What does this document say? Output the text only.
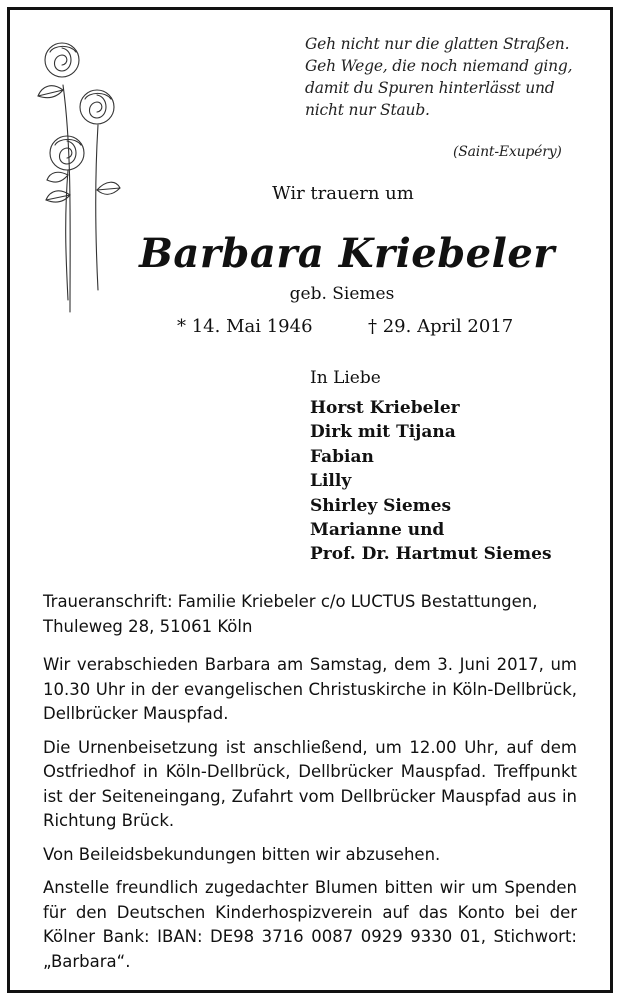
Geh nicht nur die glatten Straßen.
Geh Wege, die noch niemand ging,
damit du Spuren hinterlässt und
nicht nur Staub.
(Saint-Exupéry)
Wir trauern um
Barbara Kriebeler
geb. Siemes
* 14. Mai 1946	† 29. April 2017
In Liebe
Horst Kriebeler
Dirk mit Tijana
Fabian
Lilly
Shirley Siemes
Marianne und
Prof. Dr. Hartmut Siemes

Traueranschrift: Familie Kriebeler c/o LUCTUS Bestattungen, Thuleweg 28, 51061 Köln

Wir verabschieden Barbara am Samstag, dem 3. Juni 2017, um 10.30 Uhr in der evangelischen Christuskirche in Köln-Dellbrück, Dellbrücker Mauspfad.

Die Urnenbeisetzung ist anschließend, um 12.00 Uhr, auf dem Ostfriedhof in Köln-Dellbrück, Dellbrücker Mauspfad. Treffpunkt ist der Seiteneingang, Zufahrt vom Dellbrücker Mauspfad aus in Richtung Brück.

Von Beileidsbekundungen bitten wir abzusehen.

Anstelle freundlich zugedachter Blumen bitten wir um Spenden für den Deutschen Kinderhospizverein auf das Konto bei der Kölner Bank: IBAN: DE98 3716 0087 0929 9330 01, Stichwort: „Barbara“.
